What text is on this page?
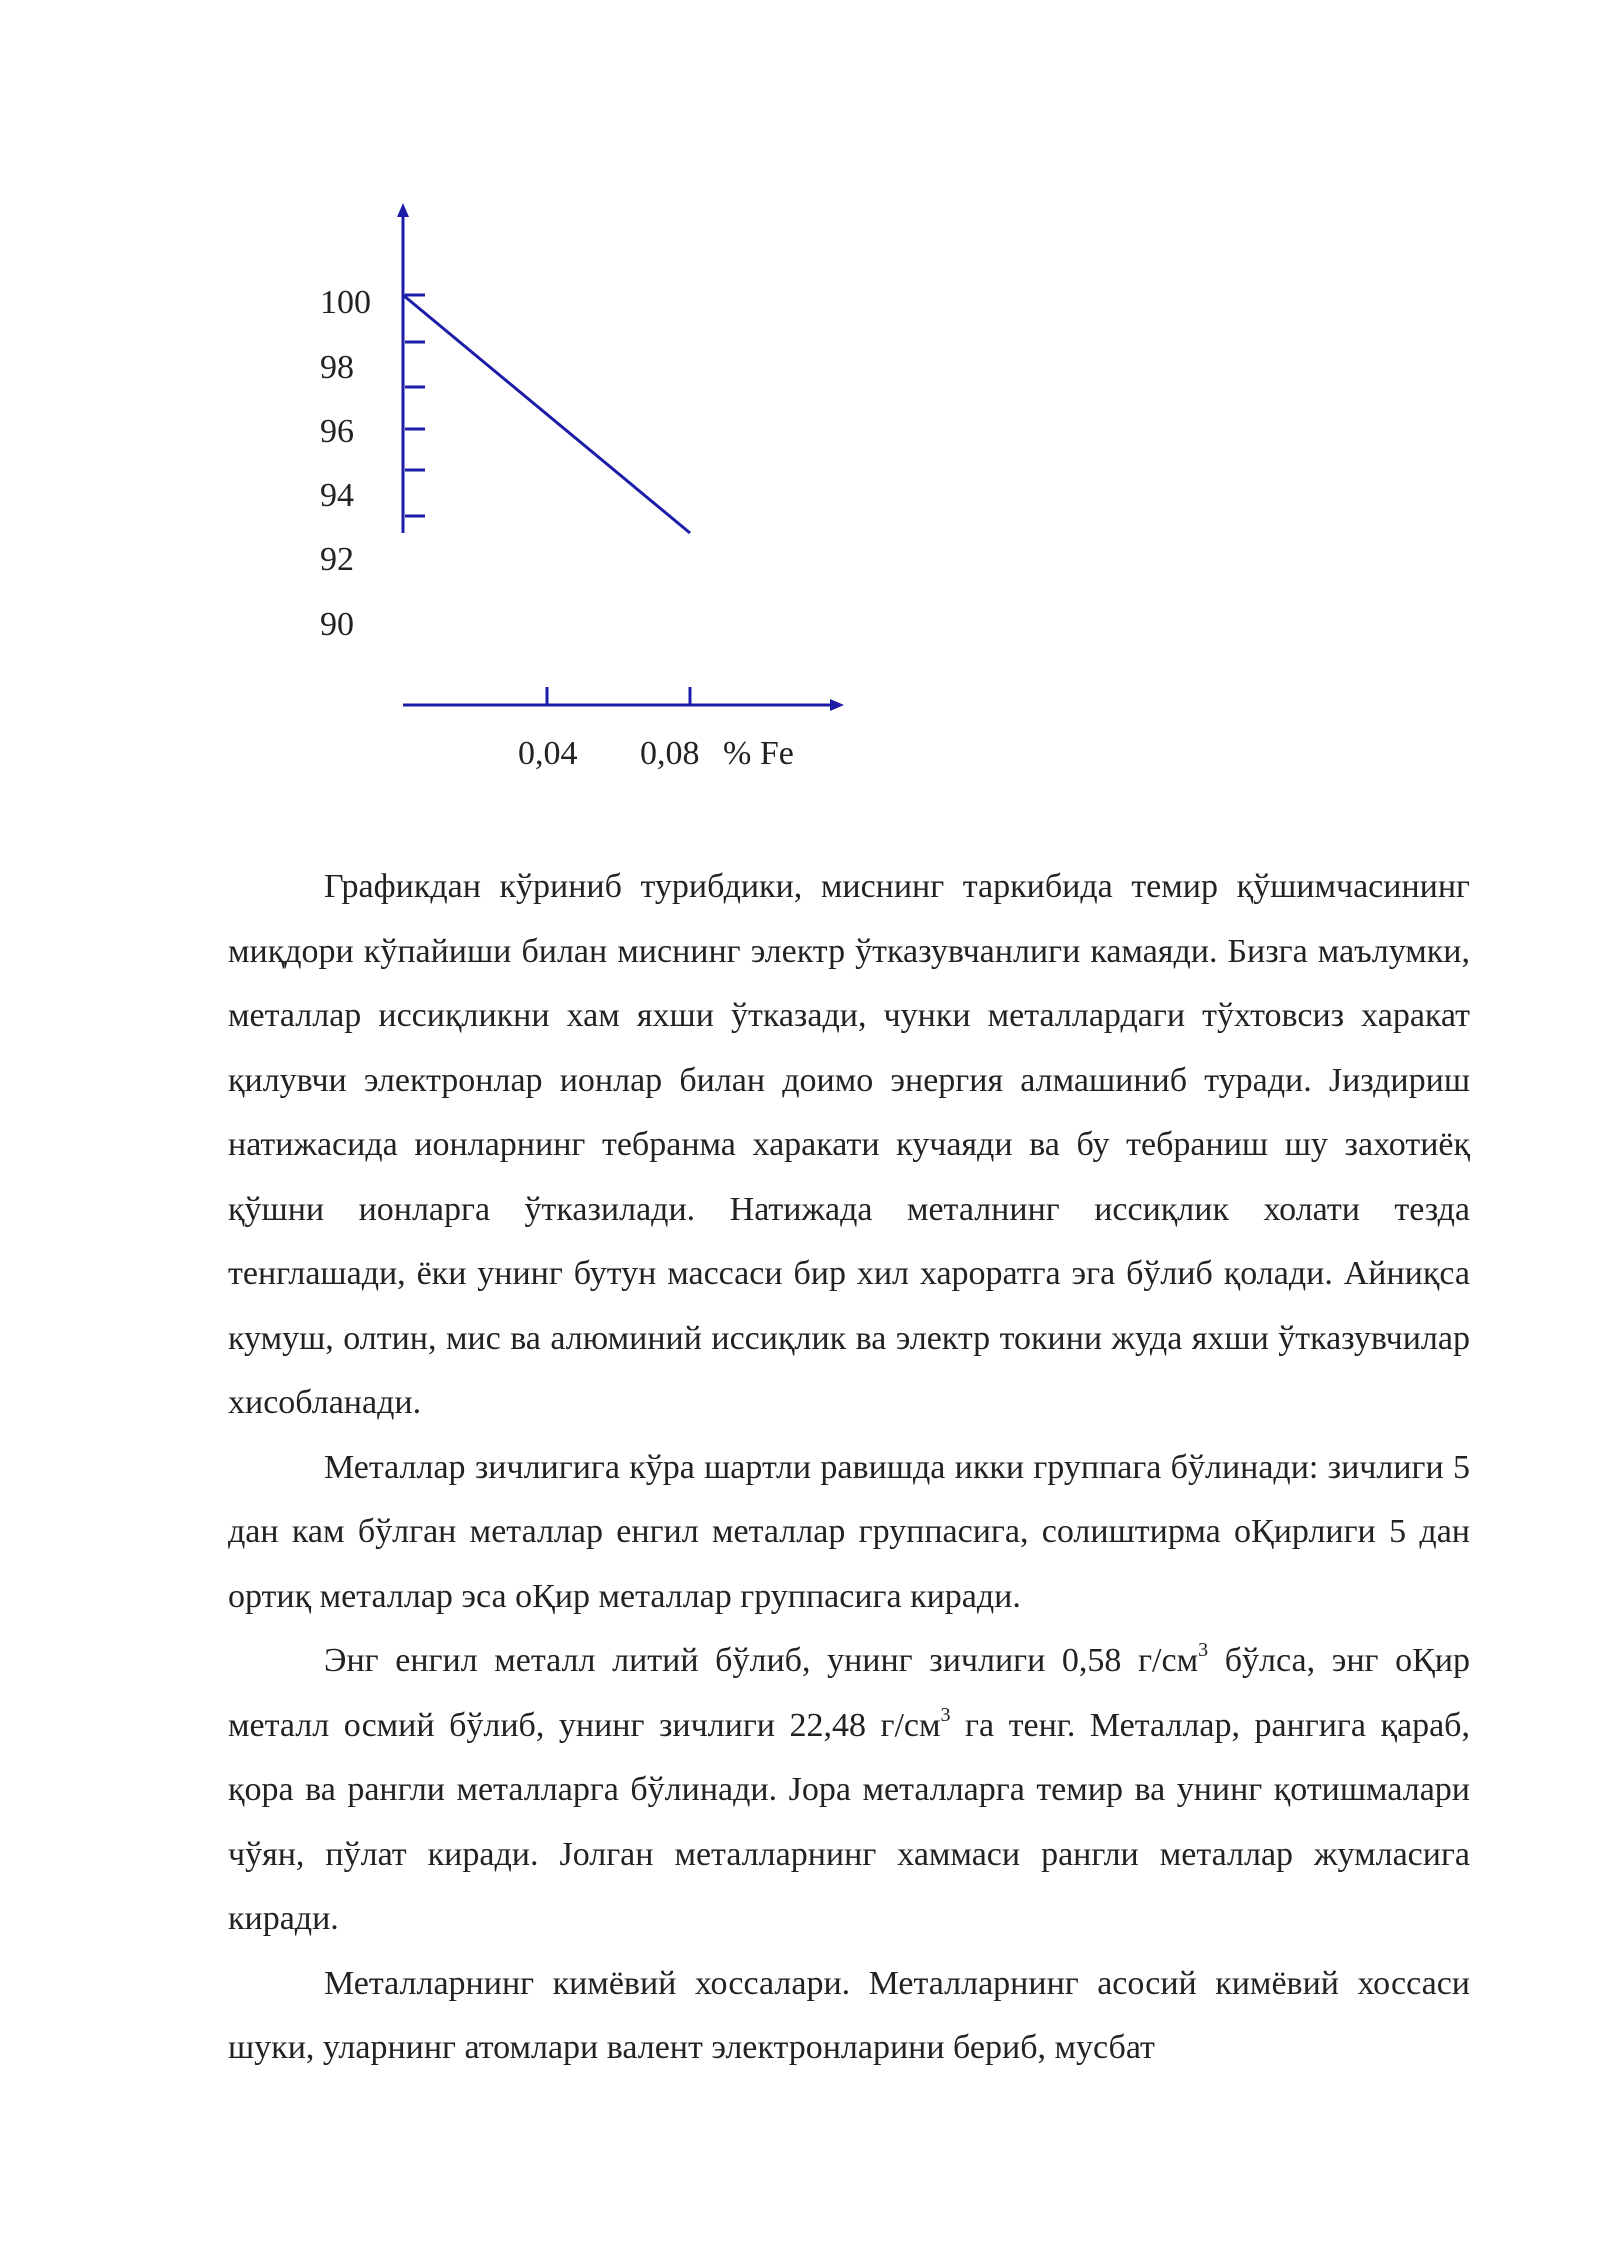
100
98
96
94
92
90
0,04 0,08 % Fe

Графикдан кўриниб турибдики, миснинг таркибида темир қўшимчасининг миқдори кўпайиши билан миснинг электр ўтказувчанлиги камаяди. Бизга маълумки, металлар иссиқликни хам яхши ўтказади, чунки металлардаги тўхтовсиз харакат қилувчи электронлар ионлар билан доимо энергия алмашиниб туради. Јиздириш натижасида ионларнинг тебранма харакати кучаяди ва бу тебраниш шу захотиёқ қўшни ионларга ўтказилади. Натижада металнинг иссиқлик холати тезда тенглашади, ёки унинг бутун массаси бир хил хароратга эга бўлиб қолади. Айниқса кумуш, олтин, мис ва алюминий иссиқлик ва электр токини жуда яхши ўтказувчилар хисобланади.

Металлар зичлигига кўра шартли равишда икки группага бўлинади: зичлиги 5 дан кам бўлган металлар енгил металлар группасига, солиштирма оҚирлиги 5 дан ортиқ металлар эса оҚир металлар группасига киради.

Энг енгил металл литий бўлиб, унинг зичлиги 0,58 $г/см^3$ бўлса, энг оҚир металл осмий бўлиб, унинг зичлиги 22,48 $г/см^3$ га тенг. Металлар, рангига қараб, қора ва рангли металларга бўлинади. Јора металларга темир ва унинг қотишмалари чўян, пўлат киради. Јолган металларнинг хаммаси рангли металлар жумласига киради.

Металларнинг кимёвий хоссалари. Металларнинг асосий кимёвий хоссаси шуки, уларнинг атомлари валент электронларини бериб, мусбат
